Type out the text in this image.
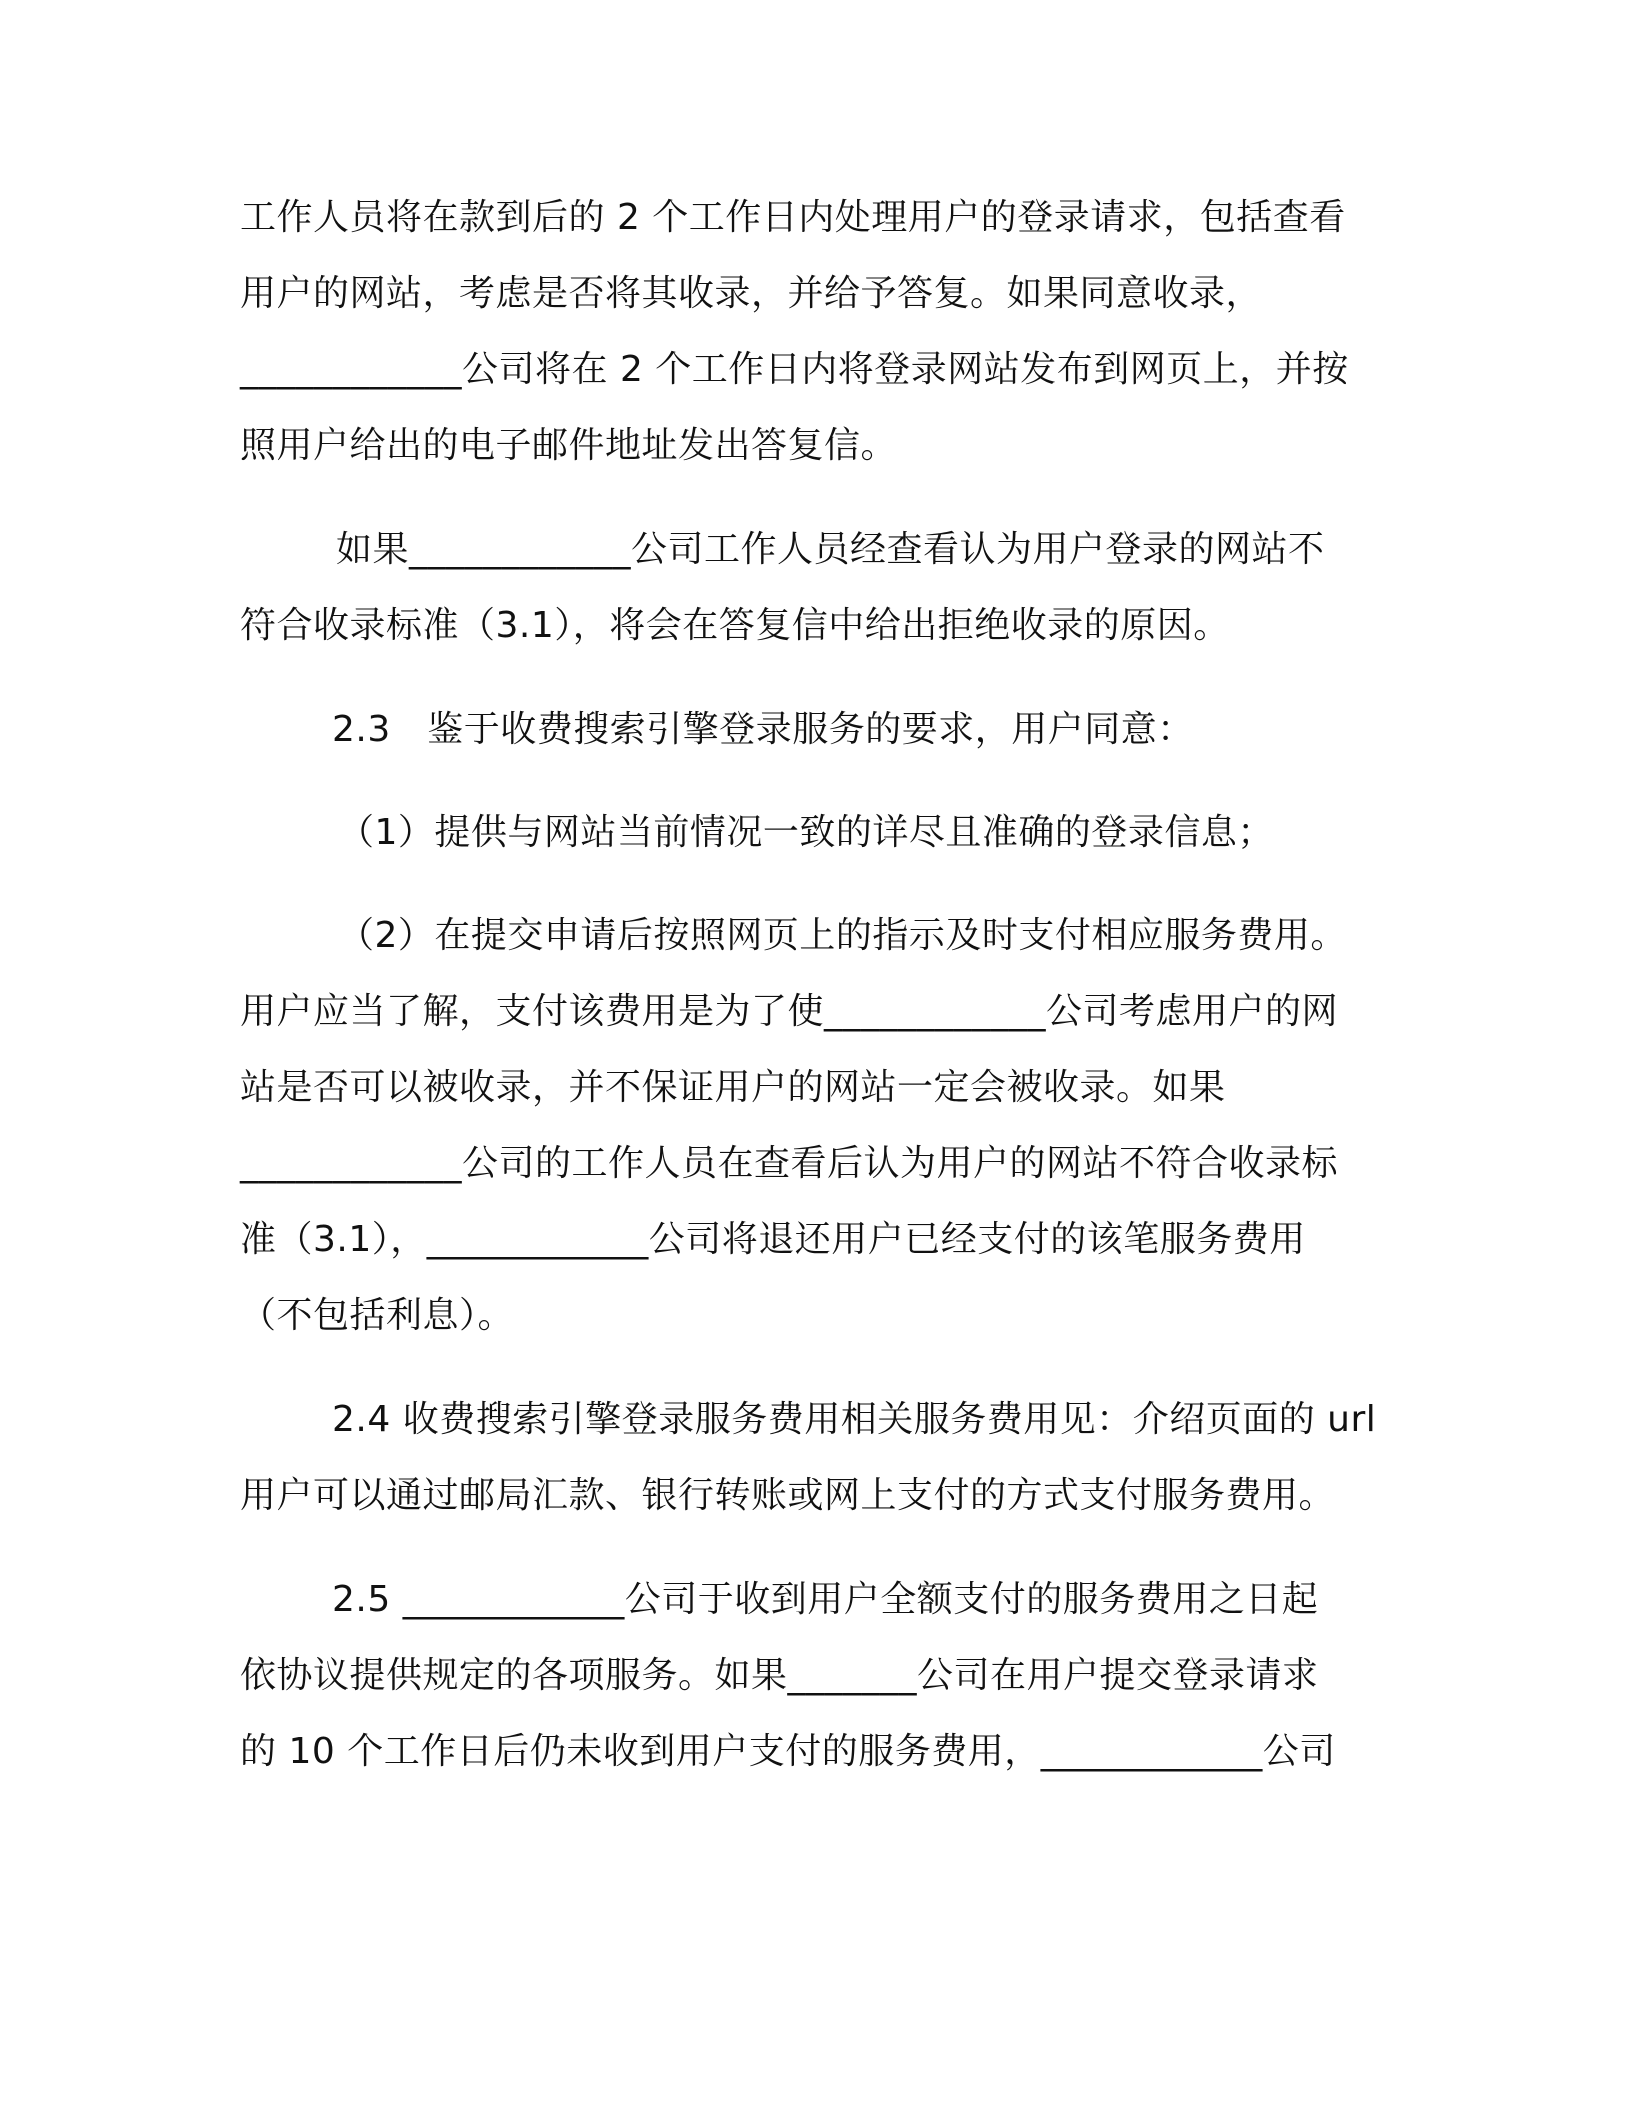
工作人员将在款到后的 2 个工作日内处理用户的登录请求，包括查看
用户的网站，考虑是否将其收录，并给予答复。如果同意收录，
____________公司将在 2 个工作日内将登录网站发布到网页上，并按
照用户给出的电子邮件地址发出答复信。
如果____________公司工作人员经查看认为用户登录的网站不
符合收录标准（3.1），将会在答复信中给出拒绝收录的原因。
2.3　鉴于收费搜索引擎登录服务的要求，用户同意：
（1）提供与网站当前情况一致的详尽且准确的登录信息；
（2）在提交申请后按照网页上的指示及时支付相应服务费用。
用户应当了解，支付该费用是为了使____________公司考虑用户的网
站是否可以被收录，并不保证用户的网站一定会被收录。如果
____________公司的工作人员在查看后认为用户的网站不符合收录标
准（3.1），____________公司将退还用户已经支付的该笔服务费用
（不包括利息）。
2.4 收费搜索引擎登录服务费用相关服务费用见：介绍页面的 url
用户可以通过邮局汇款、银行转账或网上支付的方式支付服务费用。
2.5 ____________公司于收到用户全额支付的服务费用之日起
依协议提供规定的各项服务。如果_______公司在用户提交登录请求
的 10 个工作日后仍未收到用户支付的服务费用，____________公司
